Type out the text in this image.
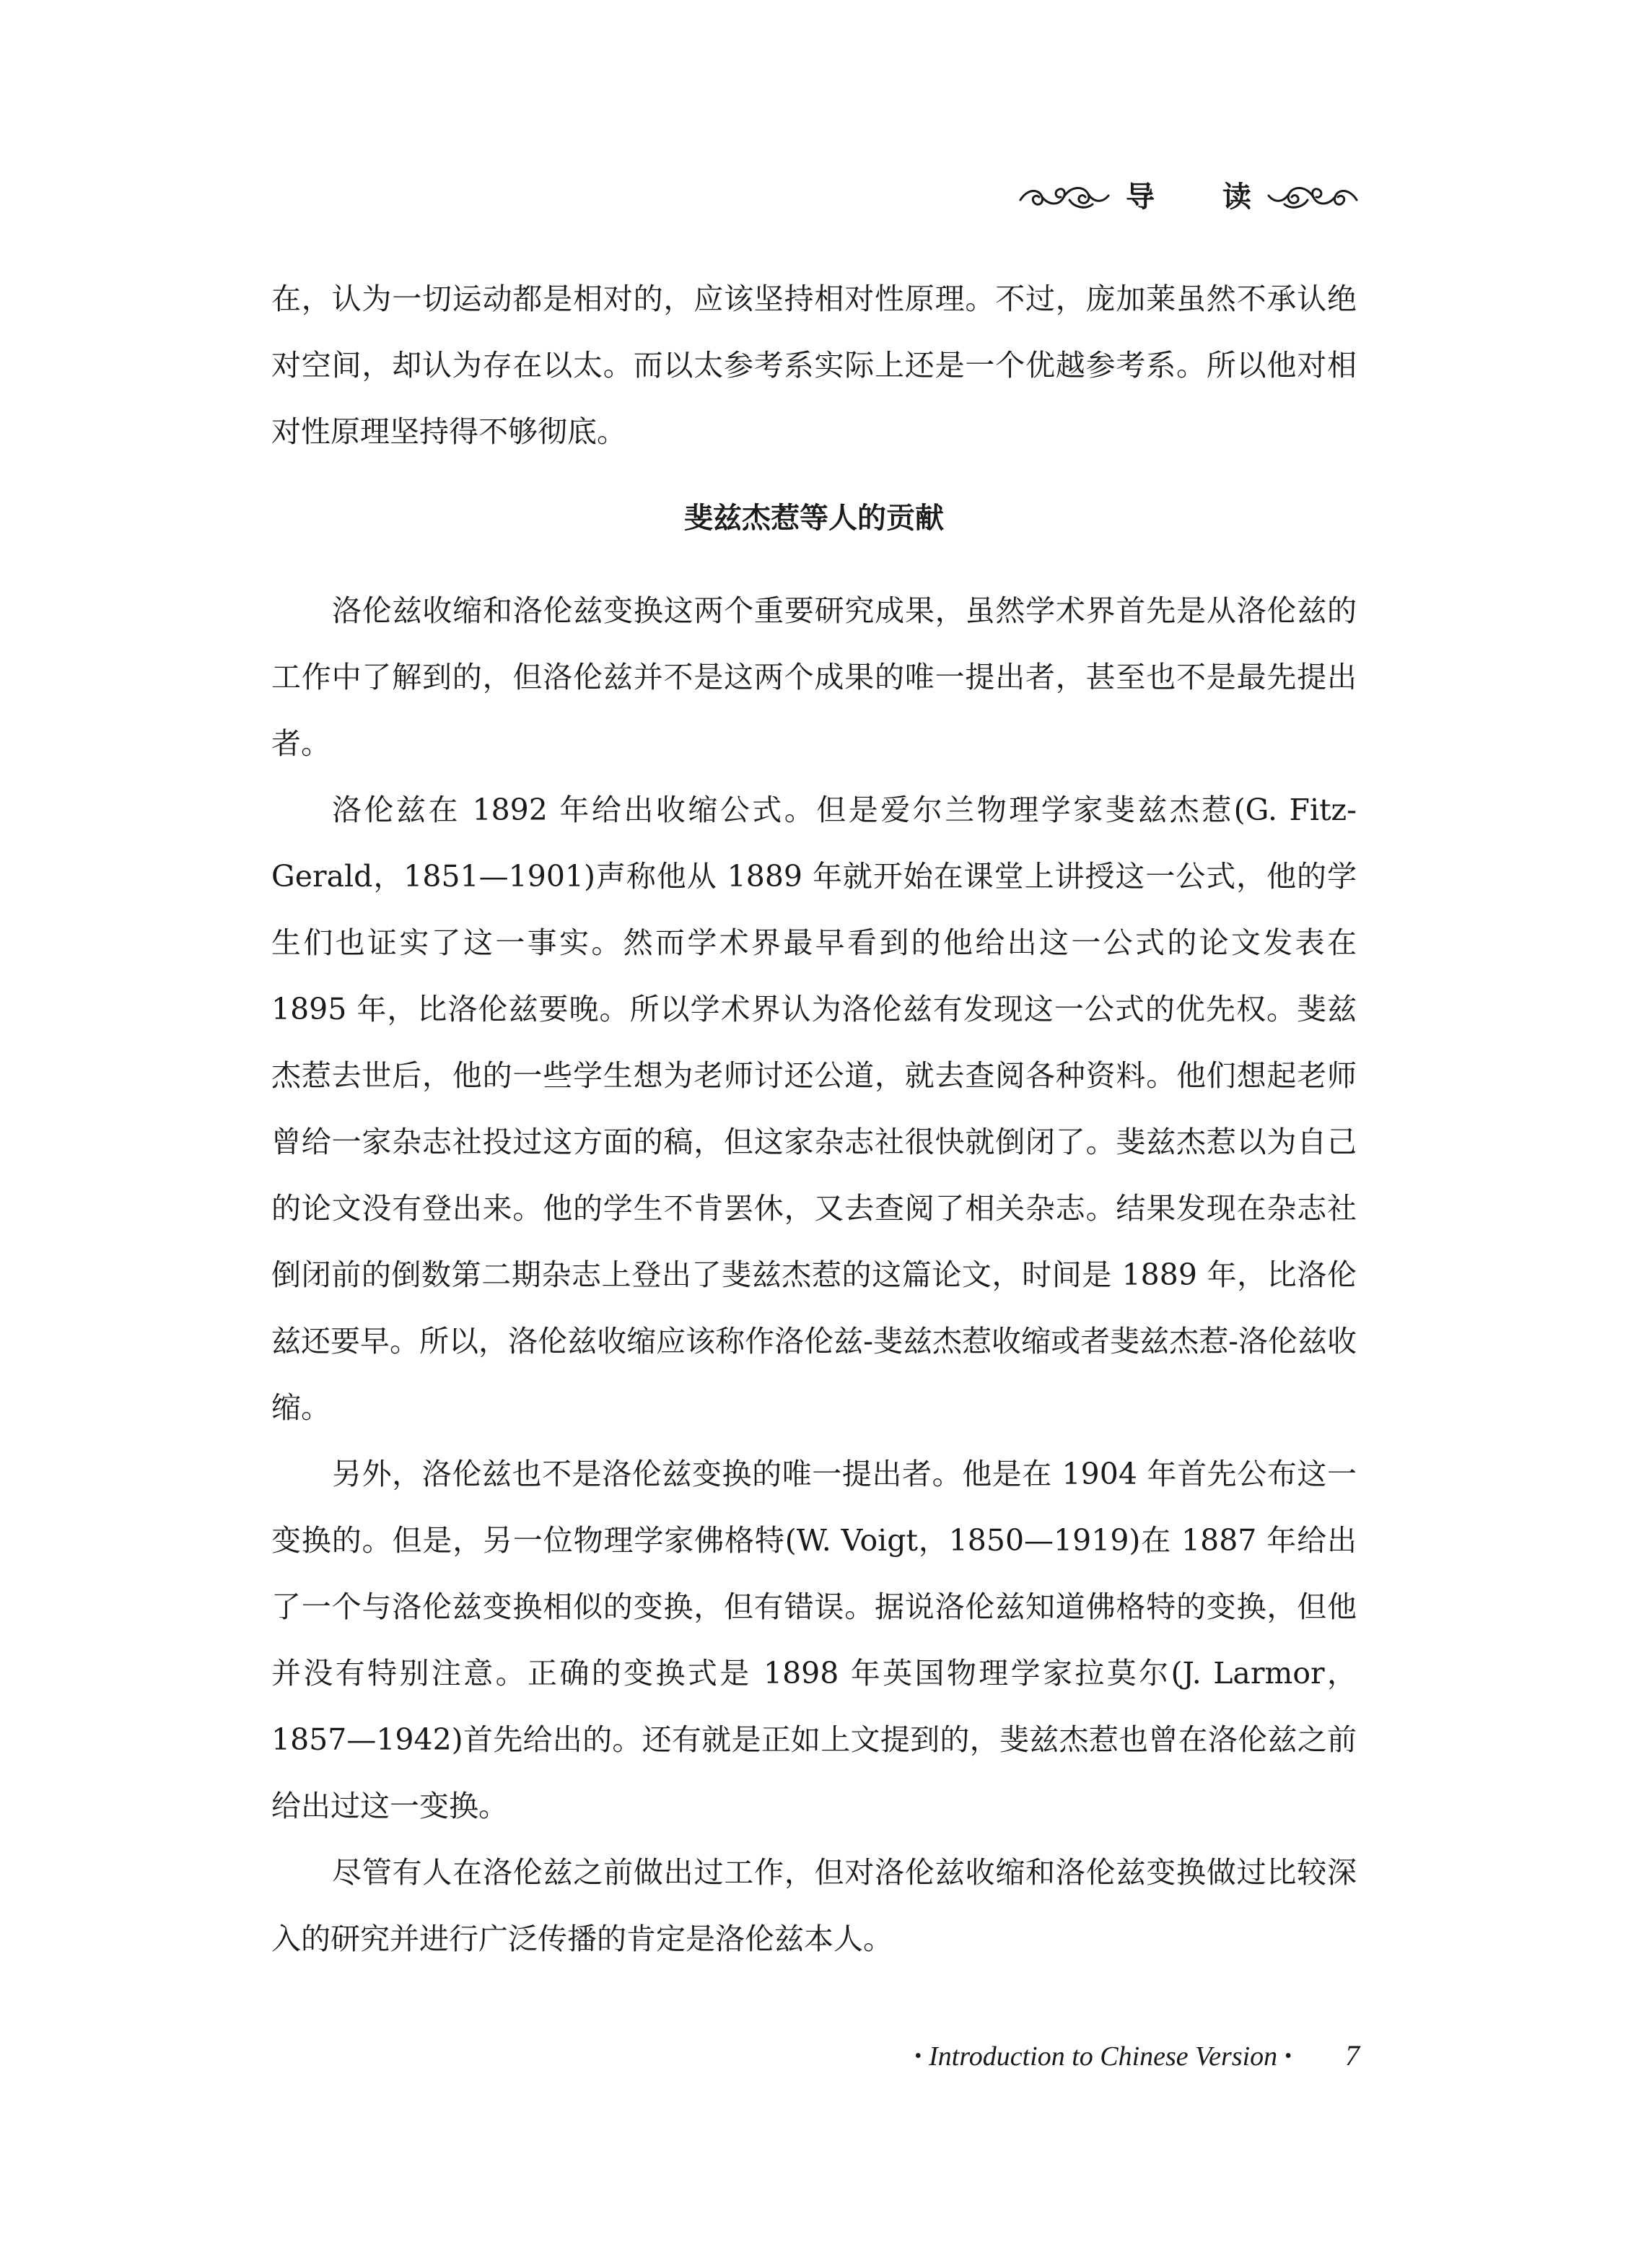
导 读

在，认为一切运动都是相对的，应该坚持相对性原理。不过，庞加莱虽然不承认绝对空间，却认为存在以太。而以太参考系实际上还是一个优越参考系。所以他对相对性原理坚持得不够彻底。

斐兹杰惹等人的贡献

洛伦兹收缩和洛伦兹变换这两个重要研究成果，虽然学术界首先是从洛伦兹的工作中了解到的，但洛伦兹并不是这两个成果的唯一提出者，甚至也不是最先提出者。

洛伦兹在 1892 年给出收缩公式。但是爱尔兰物理学家斐兹杰惹(G. Fitz-Gerald，1851—1901)声称他从 1889 年就开始在课堂上讲授这一公式，他的学生们也证实了这一事实。然而学术界最早看到的他给出这一公式的论文发表在 1895 年，比洛伦兹要晚。所以学术界认为洛伦兹有发现这一公式的优先权。斐兹杰惹去世后，他的一些学生想为老师讨还公道，就去查阅各种资料。他们想起老师曾给一家杂志社投过这方面的稿，但这家杂志社很快就倒闭了。斐兹杰惹以为自己的论文没有登出来。他的学生不肯罢休，又去查阅了相关杂志。结果发现在杂志社倒闭前的倒数第二期杂志上登出了斐兹杰惹的这篇论文，时间是 1889 年，比洛伦兹还要早。所以，洛伦兹收缩应该称作洛伦兹-斐兹杰惹收缩或者斐兹杰惹-洛伦兹收缩。

另外，洛伦兹也不是洛伦兹变换的唯一提出者。他是在 1904 年首先公布这一变换的。但是，另一位物理学家佛格特(W. Voigt，1850—1919)在 1887 年给出了一个与洛伦兹变换相似的变换，但有错误。据说洛伦兹知道佛格特的变换，但他并没有特别注意。正确的变换式是 1898 年英国物理学家拉莫尔(J. Larmor，1857—1942)首先给出的。还有就是正如上文提到的，斐兹杰惹也曾在洛伦兹之前给出过这一变换。

尽管有人在洛伦兹之前做出过工作，但对洛伦兹收缩和洛伦兹变换做过比较深入的研究并进行广泛传播的肯定是洛伦兹本人。

• Introduction to Chinese Version •	7
